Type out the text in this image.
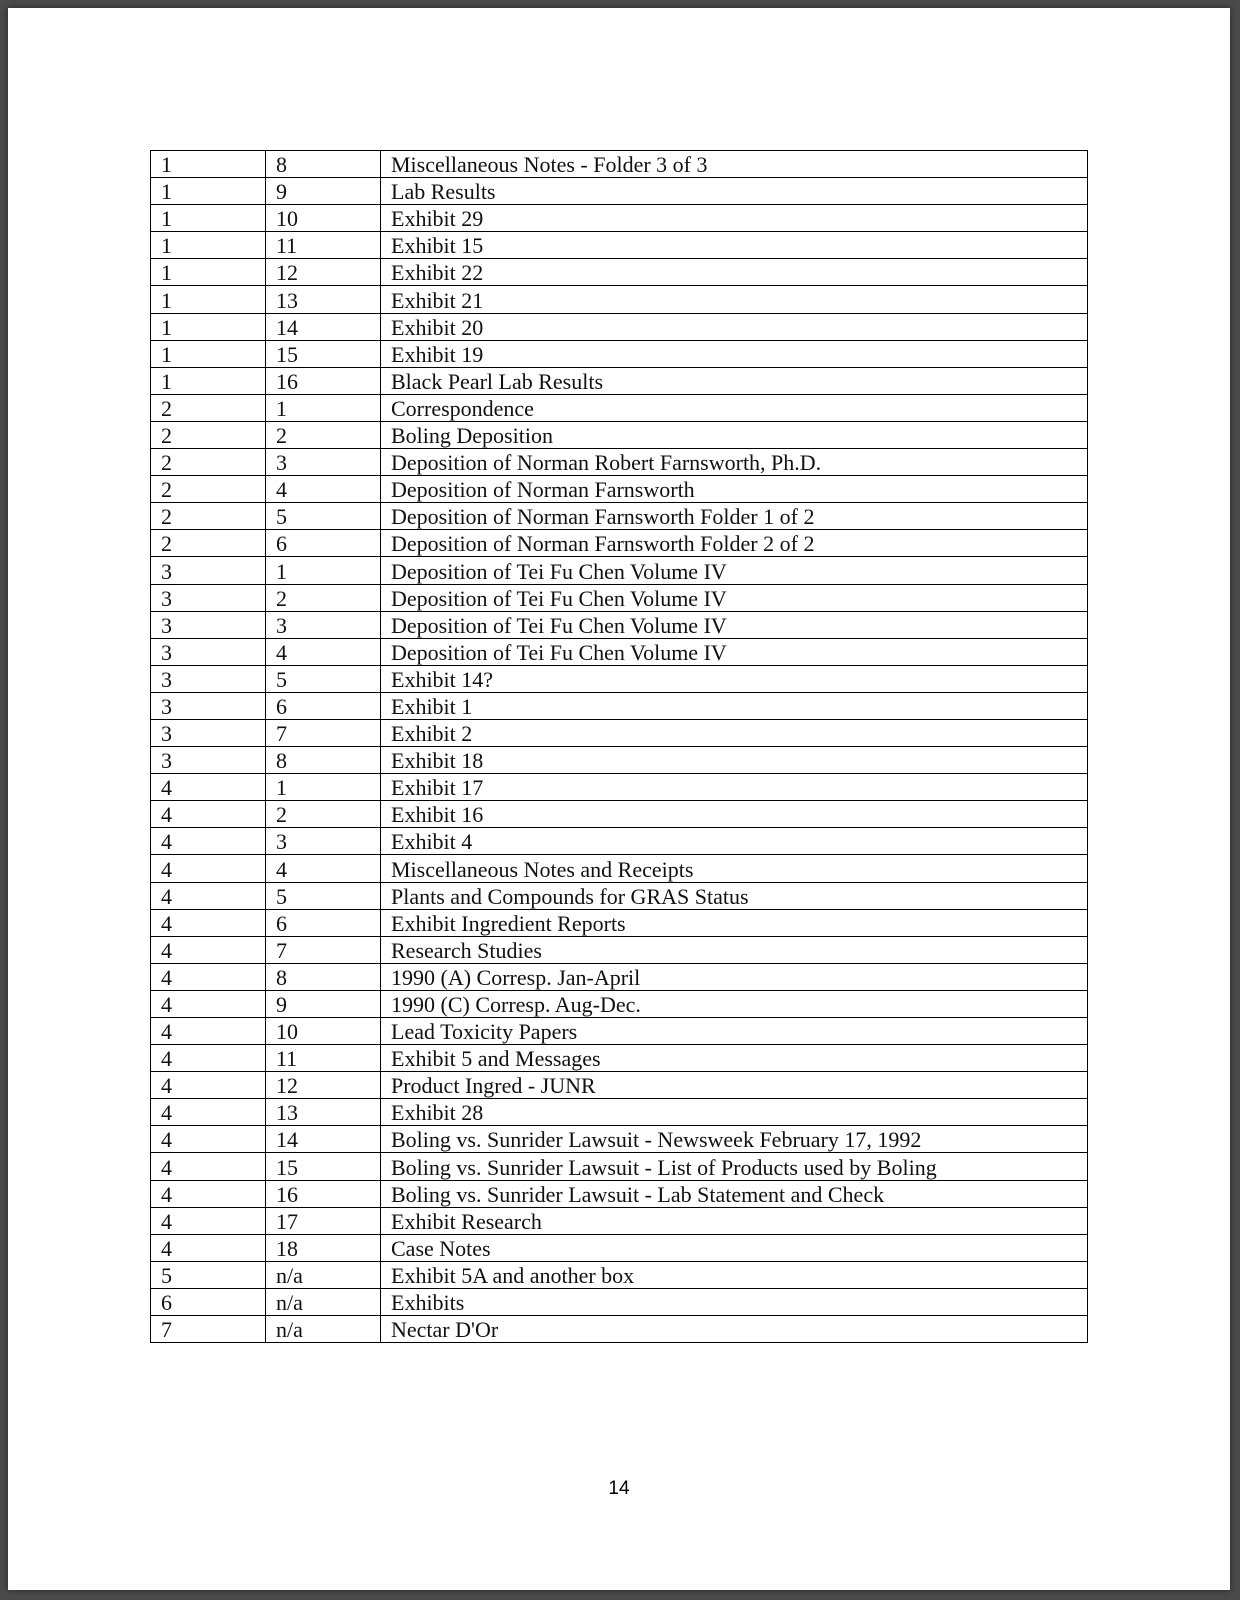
1	8	Miscellaneous Notes - Folder 3 of 3
1	9	Lab Results
1	10	Exhibit 29
1	11	Exhibit 15
1	12	Exhibit 22
1	13	Exhibit 21
1	14	Exhibit 20
1	15	Exhibit 19
1	16	Black Pearl Lab Results
2	1	Correspondence
2	2	Boling Deposition
2	3	Deposition of Norman Robert Farnsworth, Ph.D.
2	4	Deposition of Norman Farnsworth
2	5	Deposition of Norman Farnsworth Folder 1 of 2
2	6	Deposition of Norman Farnsworth Folder 2 of 2
3	1	Deposition of Tei Fu Chen Volume IV
3	2	Deposition of Tei Fu Chen Volume IV
3	3	Deposition of Tei Fu Chen Volume IV
3	4	Deposition of Tei Fu Chen Volume IV
3	5	Exhibit 14?
3	6	Exhibit 1
3	7	Exhibit 2
3	8	Exhibit 18
4	1	Exhibit 17
4	2	Exhibit 16
4	3	Exhibit 4
4	4	Miscellaneous Notes and Receipts
4	5	Plants and Compounds for GRAS Status
4	6	Exhibit Ingredient Reports
4	7	Research Studies
4	8	1990 (A) Corresp. Jan-April
4	9	1990 (C) Corresp. Aug-Dec.
4	10	Lead Toxicity Papers
4	11	Exhibit 5 and Messages
4	12	Product Ingred - JUNR
4	13	Exhibit 28
4	14	Boling vs. Sunrider Lawsuit - Newsweek February 17, 1992
4	15	Boling vs. Sunrider Lawsuit - List of Products used by Boling
4	16	Boling vs. Sunrider Lawsuit - Lab Statement and Check
4	17	Exhibit Research
4	18	Case Notes
5	n/a	Exhibit 5A and another box
6	n/a	Exhibits
7	n/a	Nectar D'Or
14
